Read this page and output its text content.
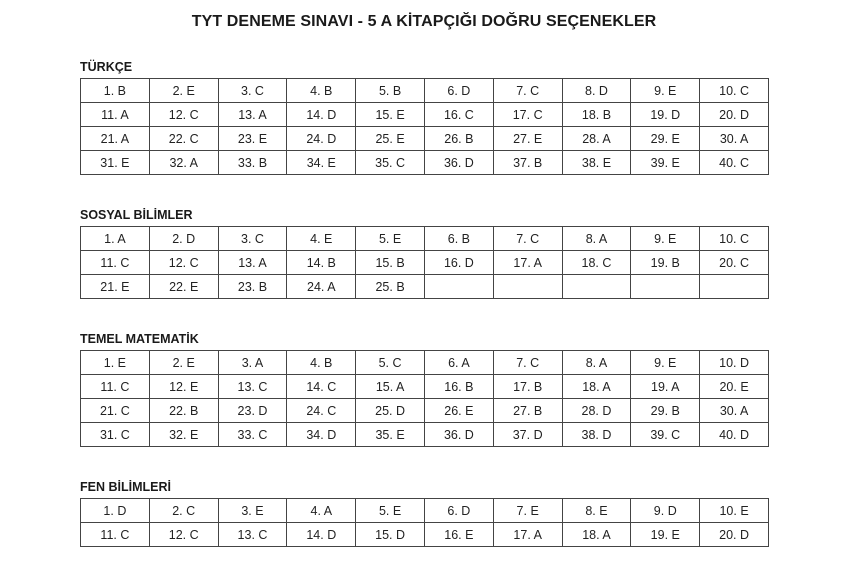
TYT DENEME SINAVI - 5 A KİTAPÇIĞI DOĞRU SEÇENEKLER
TÜRKÇE
1. B	2. E	3. C	4. B	5. B	6. D	7. C	8. D	9. E	10. C
11. A	12. C	13. A	14. D	15. E	16. C	17. C	18. B	19. D	20. D
21. A	22. C	23. E	24. D	25. E	26. B	27. E	28. A	29. E	30. A
31. E	32. A	33. B	34. E	35. C	36. D	37. B	38. E	39. E	40. C
SOSYAL BİLİMLER
1. A	2. D	3. C	4. E	5. E	6. B	7. C	8. A	9. E	10. C
11. C	12. C	13. A	14. B	15. B	16. D	17. A	18. C	19. B	20. C
21. E	22. E	23. B	24. A	25. B					
TEMEL MATEMATİK
1. E	2. E	3. A	4. B	5. C	6. A	7. C	8. A	9. E	10. D
11. C	12. E	13. C	14. C	15. A	16. B	17. B	18. A	19. A	20. E
21. C	22. B	23. D	24. C	25. D	26. E	27. B	28. D	29. B	30. A
31. C	32. E	33. C	34. D	35. E	36. D	37. D	38. D	39. C	40. D
FEN BİLİMLERİ
1. D	2. C	3. E	4. A	5. E	6. D	7. E	8. E	9. D	10. E
11. C	12. C	13. C	14. D	15. D	16. E	17. A	18. A	19. E	20. D
